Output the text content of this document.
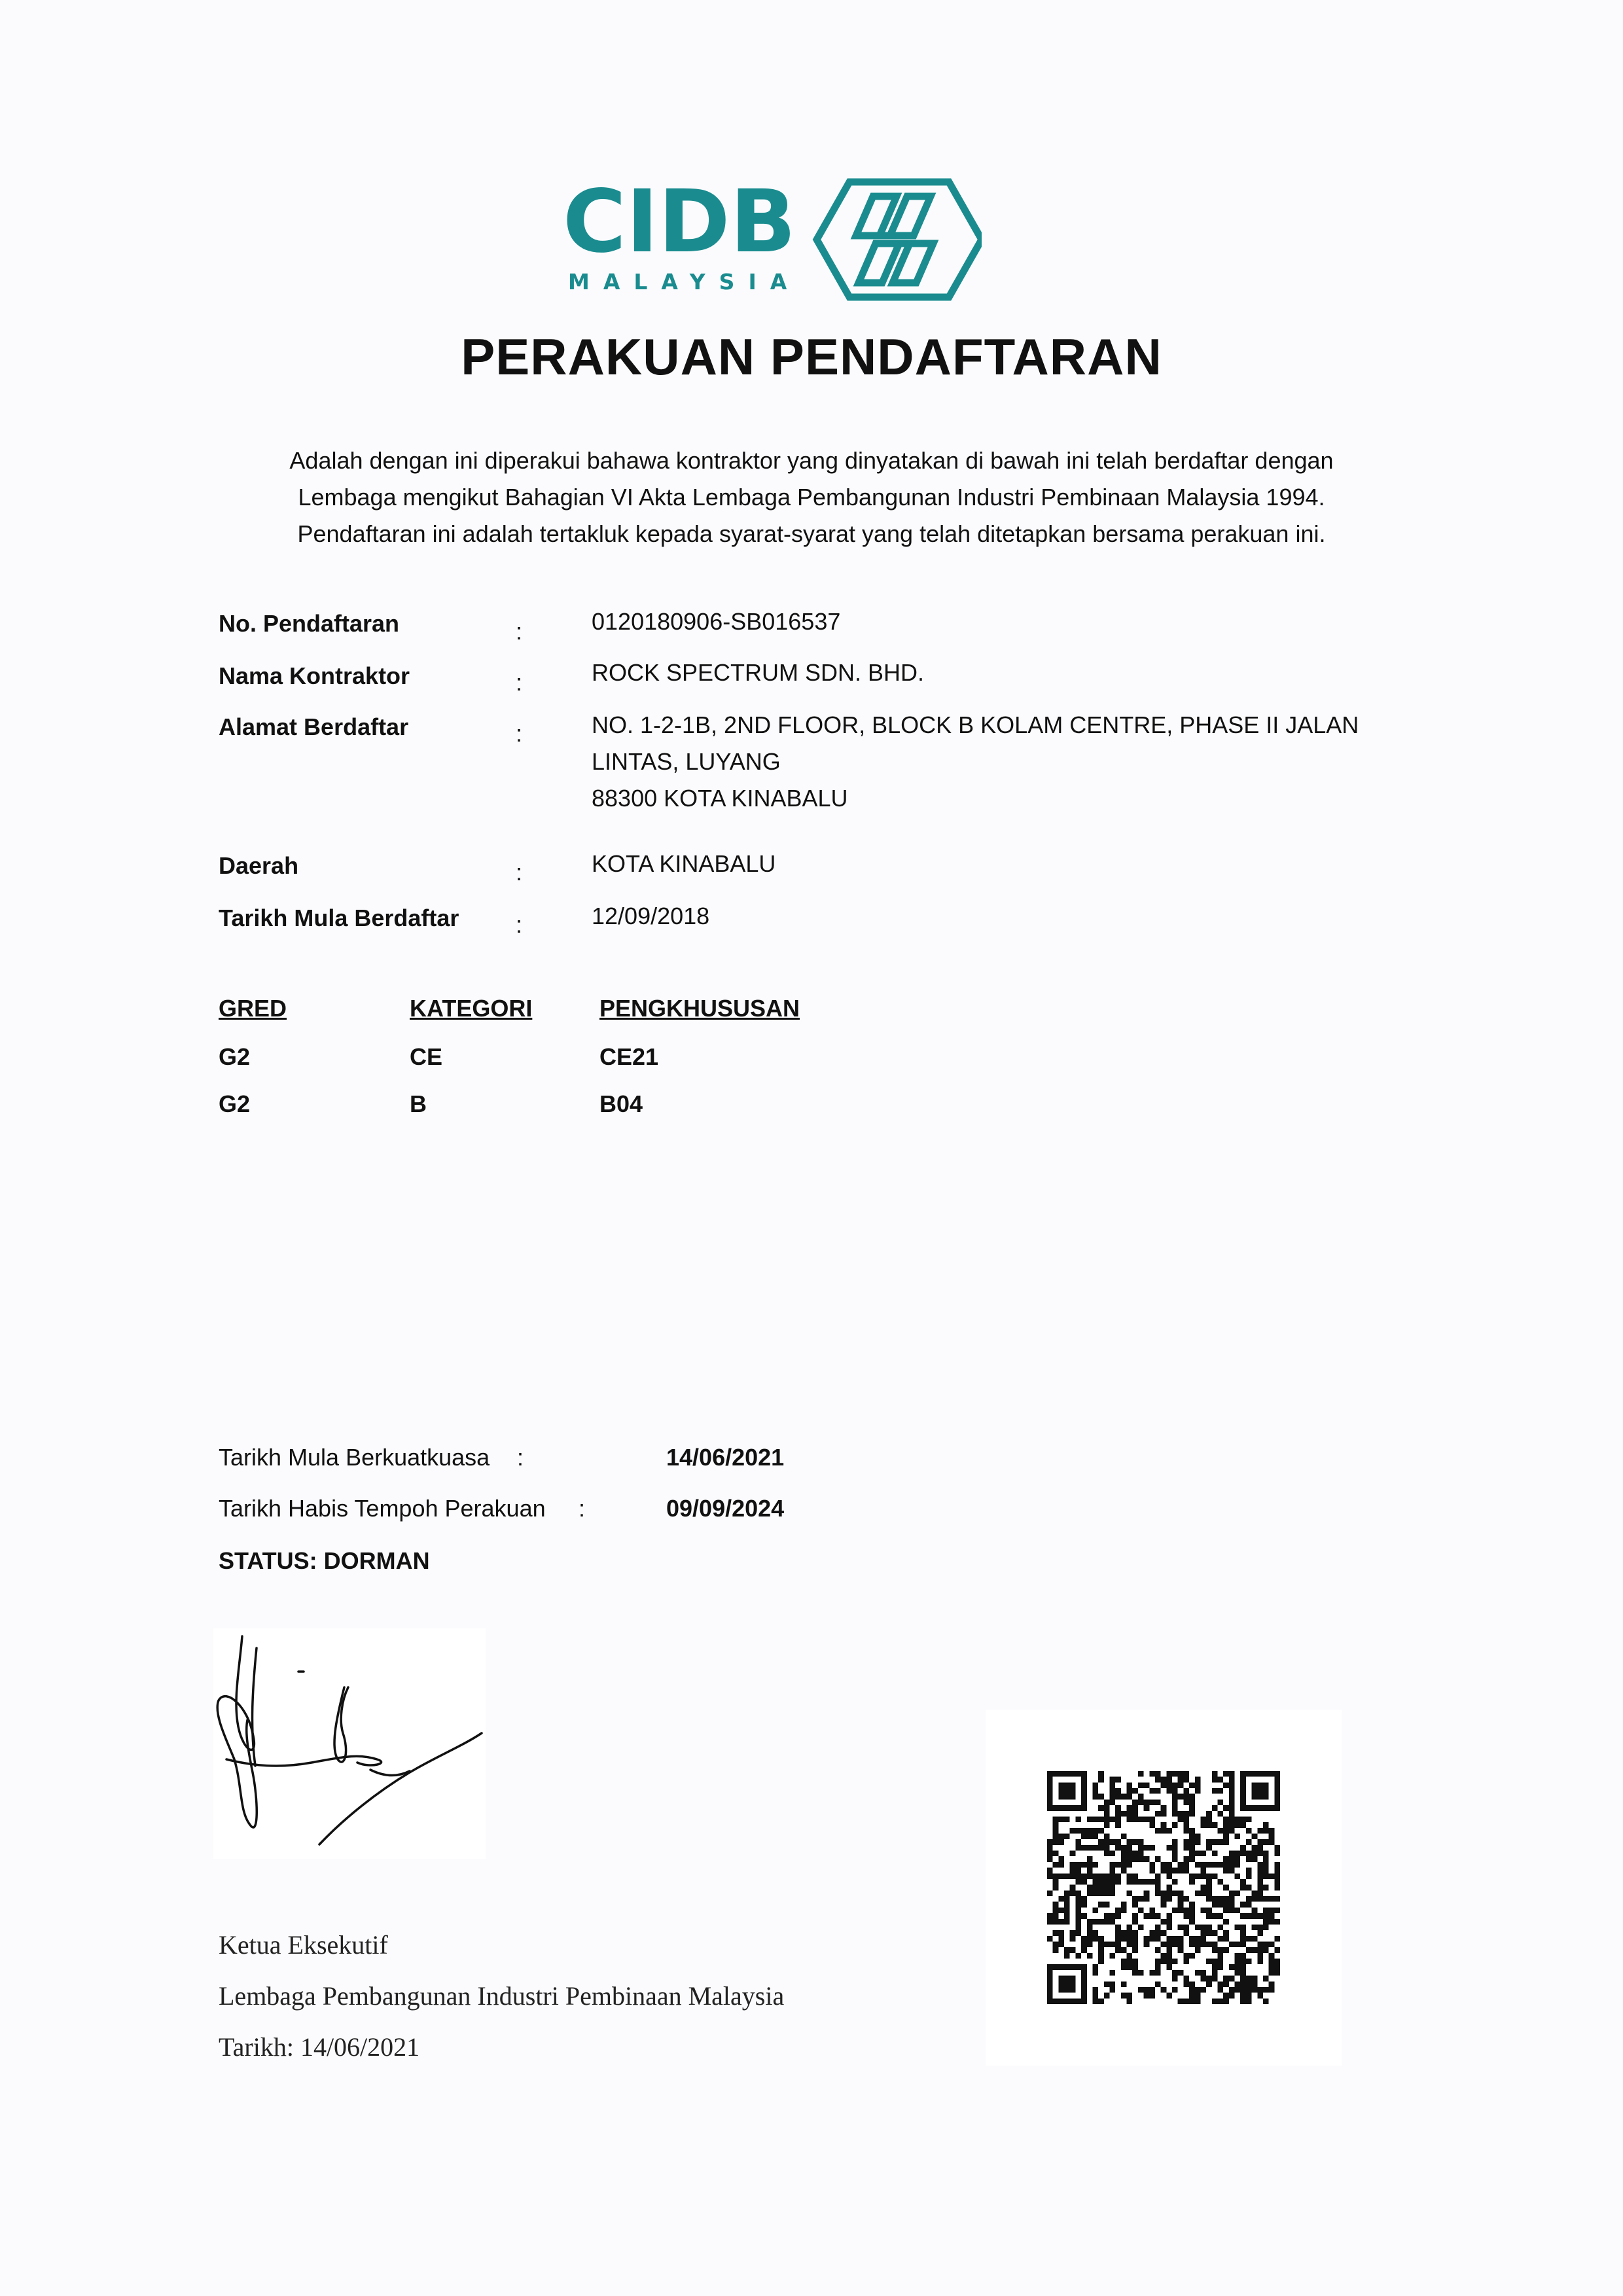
CIDB
MALAYSIA
PERAKUAN PENDAFTARAN
Adalah dengan ini diperakui bahawa kontraktor yang dinyatakan di bawah ini telah berdaftar dengan
Lembaga mengikut Bahagian VI Akta Lembaga Pembangunan Industri Pembinaan Malaysia 1994.
Pendaftaran ini adalah tertakluk kepada syarat-syarat yang telah ditetapkan bersama perakuan ini.
No. Pendaftaran	:	0120180906-SB016537
Nama Kontraktor	:	ROCK SPECTRUM SDN. BHD.
Alamat Berdaftar	:	NO. 1-2-1B, 2ND FLOOR, BLOCK B KOLAM CENTRE, PHASE II JALAN
LINTAS, LUYANG
88300 KOTA KINABALU
Daerah	:	KOTA KINABALU
Tarikh Mula Berdaftar :	12/09/2018
GRED	KATEGORI	PENGKHUSUSAN
G2	CE	CE21
G2	B	B04
Tarikh Mula Berkuatkuasa :	14/06/2021
Tarikh Habis Tempoh Perakuan :	09/09/2024
STATUS: DORMAN
Ketua Eksekutif
Lembaga Pembangunan Industri Pembinaan Malaysia
Tarikh: 14/06/2021
